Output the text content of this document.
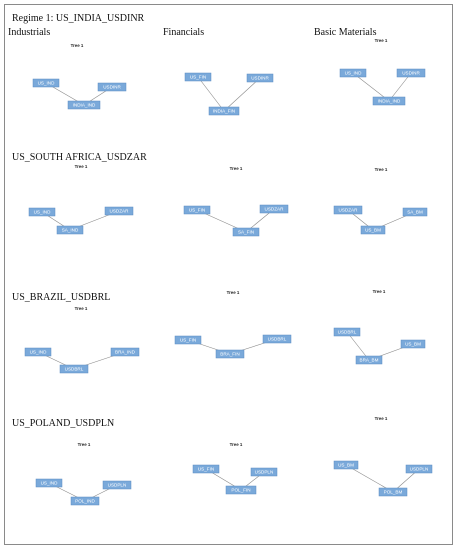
Regime 1: US_INDIA_USDINR
Industrials	Financials	Basic Materials
US_SOUTH AFRICA_USDZAR
US_BRAZIL_USDBRL
US_POLAND_USDPLN
Tree 1
US_IND
USDINR
INDIA_IND
US_FIN	USDINR
INDIA_FIN
Tree 1
US_IND	USDINR
INDIA_IND
Tree 1
US_IND	USDZAR
SA_IND
Tree 1
US_FIN	USDZAR
SA_FIN
Tree 1
USDZAR	SA_BM
US_BM
Tree 1
US_IND	BRA_IND
USDBRL
Tree 1
US_FIN	USDBRL
BRA_FIN
Tree 1
USDBRL
US_BM
BRA_BM
Tree 1
US_IND	USDPLN
POL_IND
Tree 1
US_FIN
USDPLN
POL_FIN
Tree 1
US_BM
USDPLN
POL_BM
